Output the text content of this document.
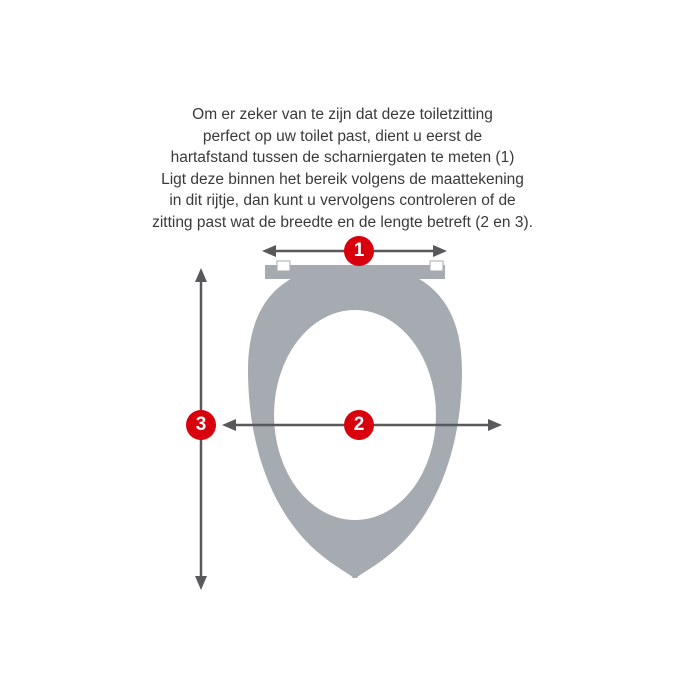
Om er zeker van te zijn dat deze toiletzitting
perfect op uw toilet past, dient u eerst de
hartafstand tussen de scharniergaten te meten (1)
Ligt deze binnen het bereik volgens de maattekening
in dit rijtje, dan kunt u vervolgens controleren of de
zitting past wat de breedte en de lengte betreft (2 en 3).
1
2
3
